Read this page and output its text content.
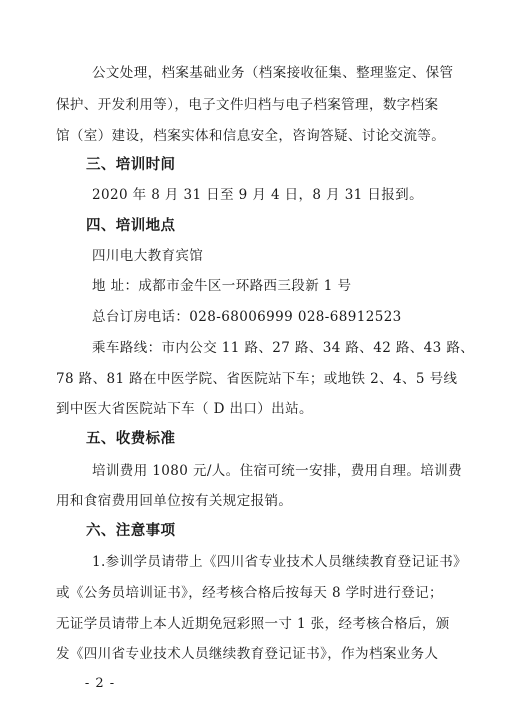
公文处理，档案基础业务（档案接收征集、整理鉴定、保管
保护、开发利用等），电子文件归档与电子档案管理，数字档案
馆（室）建设，档案实体和信息安全，咨询答疑、讨论交流等。
三、培训时间
2020 年 8 月 31 日至 9 月 4 日，8 月 31 日报到。
四、培训地点
四川电大教育宾馆
地 址：成都市金牛区一环路西三段新 1 号
总台订房电话：028-68006999 028-68912523
乘车路线：市内公交 11 路、27 路、34 路、42 路、43 路、
78 路、81 路在中医学院、省医院站下车；或地铁 2、4、5 号线
到中医大省医院站下车（ D 出口）出站。
五、收费标准
培训费用 1080 元/人。住宿可统一安排，费用自理。培训费
用和食宿费用回单位按有关规定报销。
六、注意事项
1.参训学员请带上《四川省专业技术人员继续教育登记证书》
或《公务员培训证书》，经考核合格后按每天 8 学时进行登记；
无证学员请带上本人近期免冠彩照一寸 1 张，经考核合格后，颁
发《四川省专业技术人员继续教育登记证书》，作为档案业务人
- 2 -
